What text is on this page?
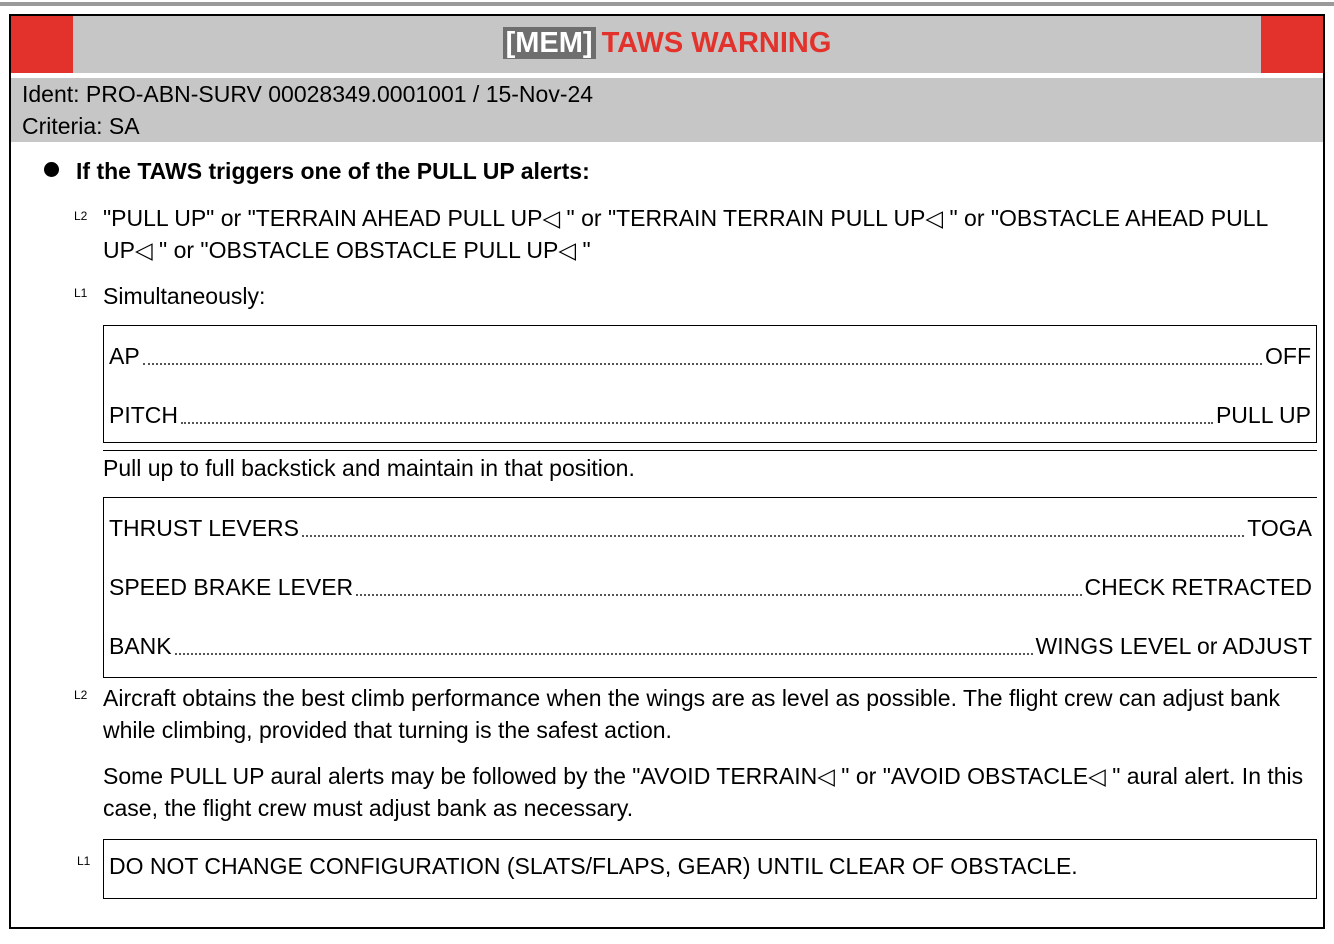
[MEM] TAWS WARNING
Ident: PRO-ABN-SURV 00028349.0001001 / 15-Nov-24
Criteria: SA
If the TAWS triggers one of the PULL UP alerts:
L2 "PULL UP" or "TERRAIN AHEAD PULL UP◁ " or "TERRAIN TERRAIN PULL UP◁ " or "OBSTACLE AHEAD PULL UP◁ " or "OBSTACLE OBSTACLE PULL UP◁ "
L1 Simultaneously:
AP	OFF
PITCH	PULL UP
Pull up to full backstick and maintain in that position.
THRUST LEVERS	TOGA
SPEED BRAKE LEVER	CHECK RETRACTED
BANK	WINGS LEVEL or ADJUST
L2 Aircraft obtains the best climb performance when the wings are as level as possible. The flight crew can adjust bank while climbing, provided that turning is the safest action.
Some PULL UP aural alerts may be followed by the "AVOID TERRAIN◁ " or "AVOID OBSTACLE◁ " aural alert. In this case, the flight crew must adjust bank as necessary.
L1 DO NOT CHANGE CONFIGURATION (SLATS/FLAPS, GEAR) UNTIL CLEAR OF OBSTACLE.
